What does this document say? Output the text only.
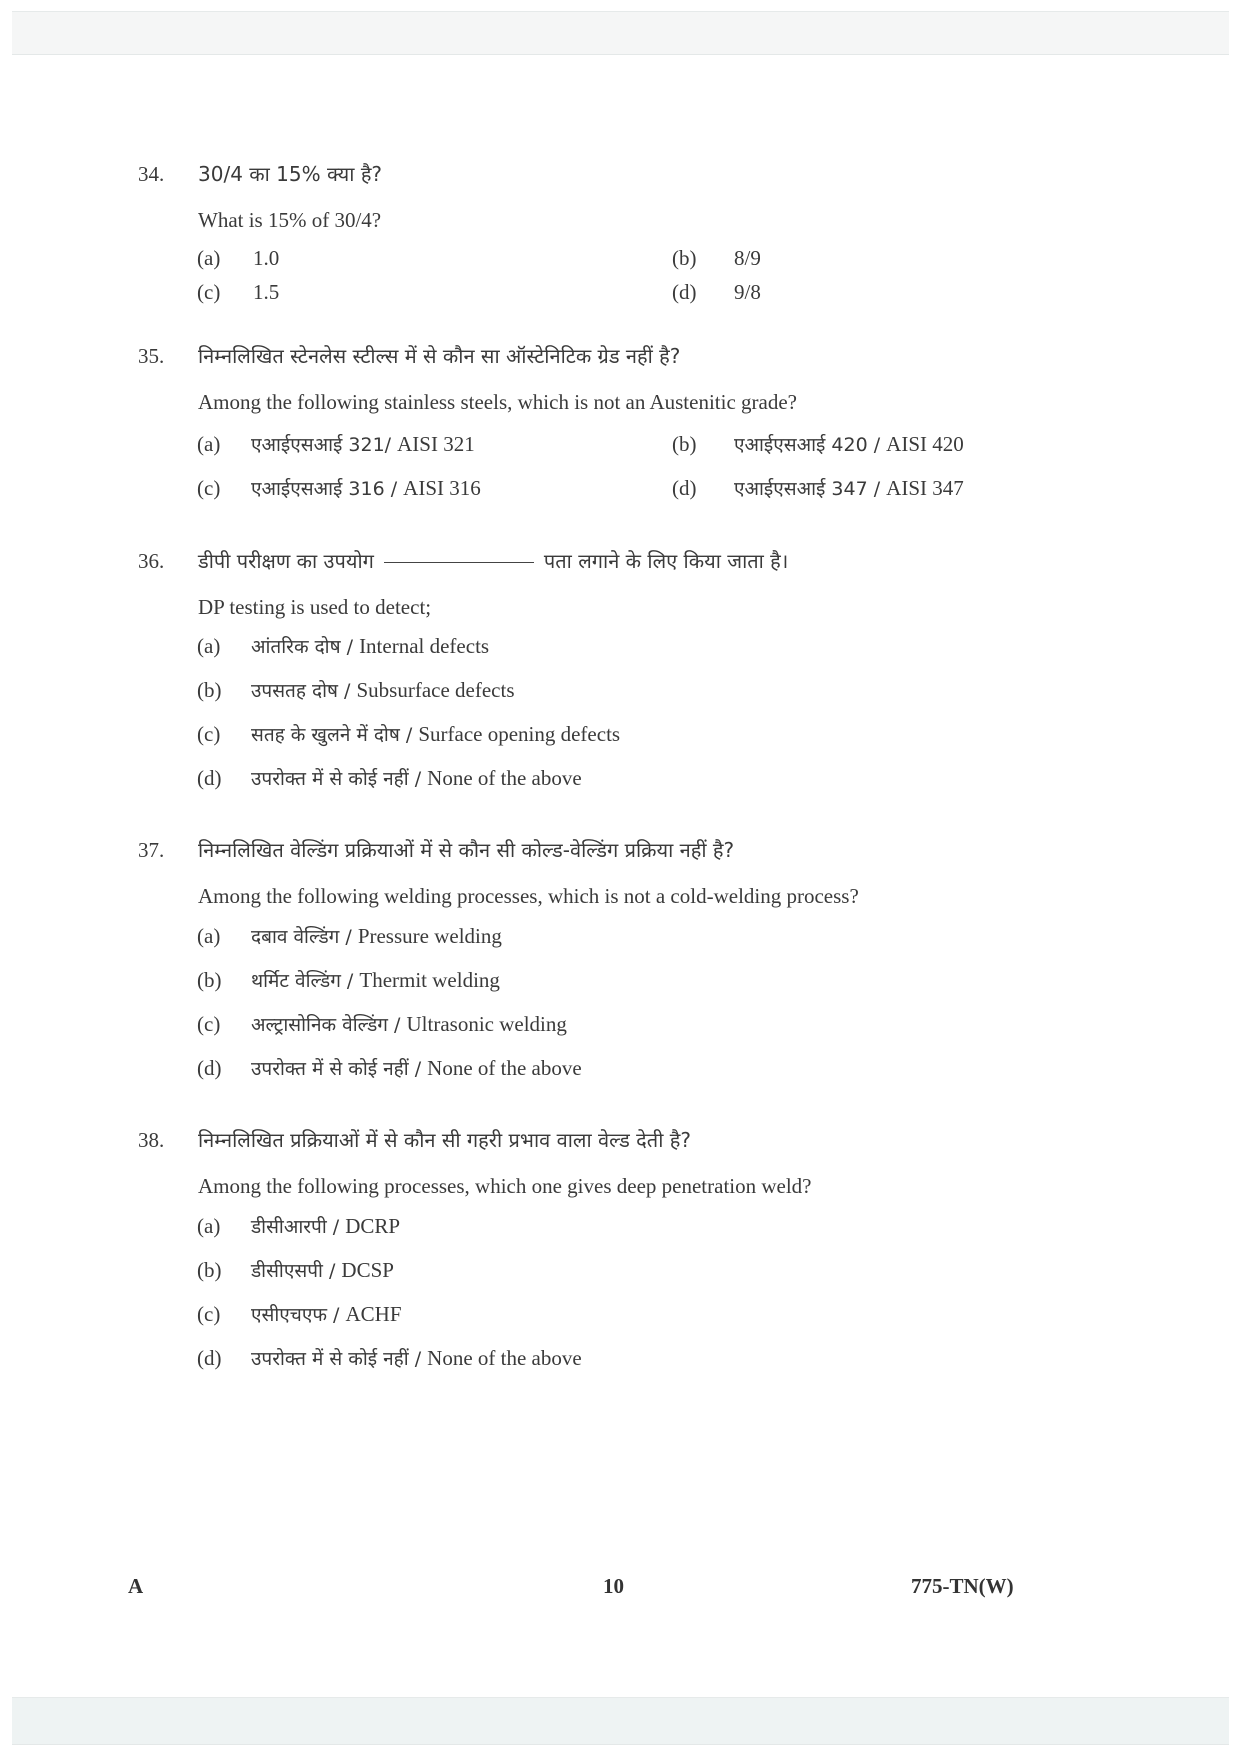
34. 30/4 का 15% क्या है?
What is 15% of 30/4?
(a) 1.0	(b) 8/9
(c) 1.5	(d) 9/8
35. निम्नलिखित स्टेनलेस स्टील्स में से कौन सा ऑस्टेनिटिक ग्रेड नहीं है?
Among the following stainless steels, which is not an Austenitic grade?
(a) एआईएसआई 321/ AISI 321	(b) एआईएसआई 420 / AISI 420
(c) एआईएसआई 316 / AISI 316	(d) एआईएसआई 347 / AISI 347
36. डीपी परीक्षण का उपयोग	पता लगाने के लिए किया जाता है।
DP testing is used to detect;
(a) आंतरिक दोष / Internal defects
(b) उपसतह दोष / Subsurface defects
(c) सतह के खुलने में दोष / Surface opening defects
(d) उपरोक्त में से कोई नहीं / None of the above
37. निम्नलिखित वेल्डिंग प्रक्रियाओं में से कौन सी कोल्ड-वेल्डिंग प्रक्रिया नहीं है?
Among the following welding processes, which is not a cold-welding process?
(a) दबाव वेल्डिंग / Pressure welding
(b) थर्मिट वेल्डिंग / Thermit welding
(c) अल्ट्रासोनिक वेल्डिंग / Ultrasonic welding
(d) उपरोक्त में से कोई नहीं / None of the above
38. निम्नलिखित प्रक्रियाओं में से कौन सी गहरी प्रभाव वाला वेल्ड देती है?
Among the following processes, which one gives deep penetration weld?
(a) डीसीआरपी / DCRP
(b) डीसीएसपी / DCSP
(c) एसीएचएफ / ACHF
(d) उपरोक्त में से कोई नहीं / None of the above
A	10	775-TN(W)
